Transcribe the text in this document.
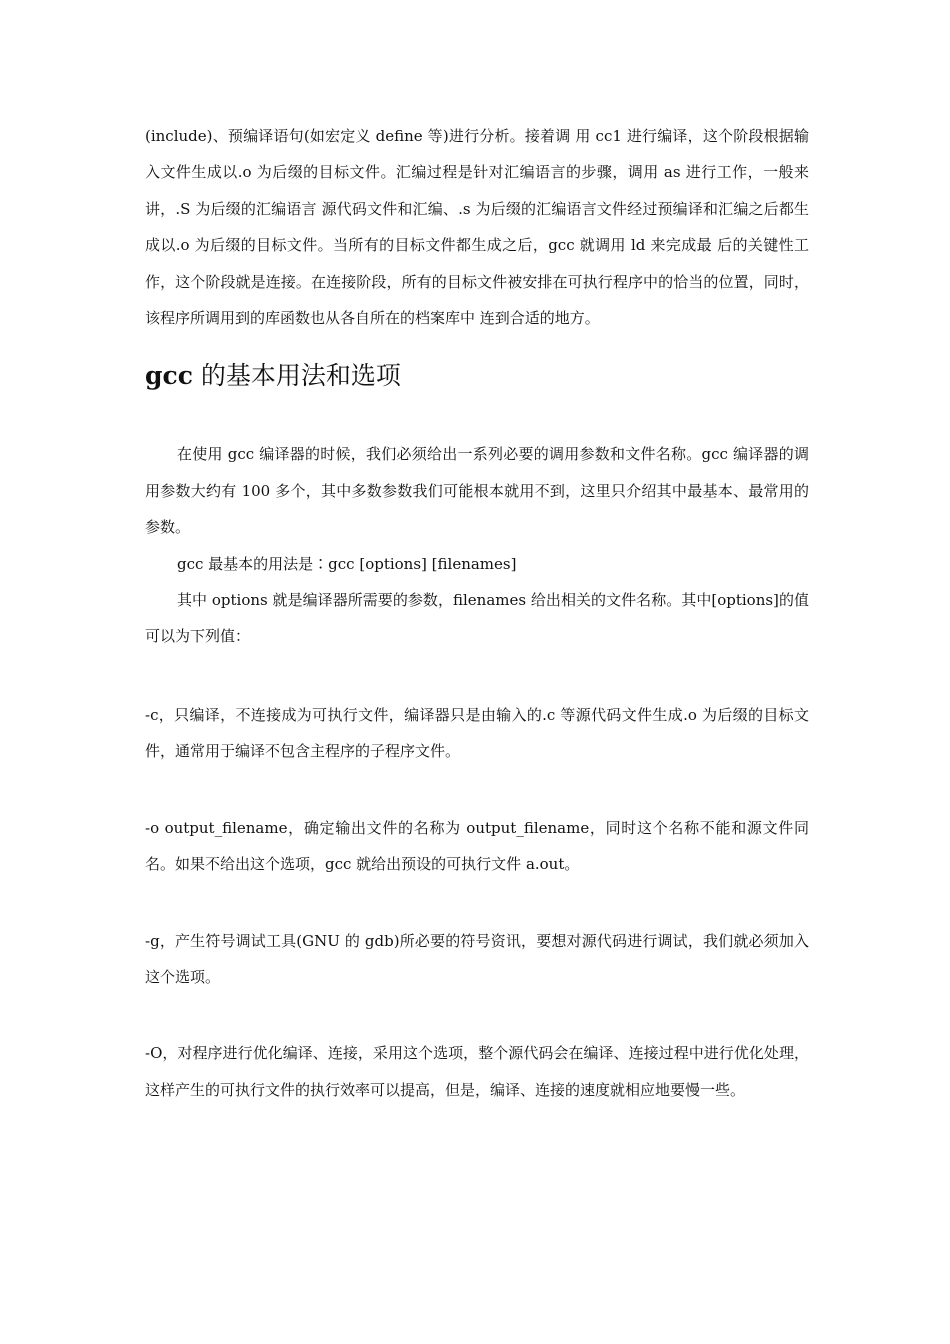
(include)、预编译语句(如宏定义 define 等)进行分析。接着调 用 cc1 进行编译，这个阶段根据输入文件生成以.o 为后缀的目标文件。汇编过程是针对汇编语言的步骤，调用 as 进行工作，一般来讲，.S 为后缀的汇编语言 源代码文件和汇编、.s 为后缀的汇编语言文件经过预编译和汇编之后都生成以.o 为后缀的目标文件。当所有的目标文件都生成之后，gcc 就调用 ld 来完成最 后的关键性工作，这个阶段就是连接。在连接阶段，所有的目标文件被安排在可执行程序中的恰当的位置，同时，该程序所调用到的库函数也从各自所在的档案库中 连到合适的地方。

gcc 的基本用法和选项

在使用 gcc 编译器的时候，我们必须给出一系列必要的调用参数和文件名称。gcc 编译器的调用参数大约有 100 多个，其中多数参数我们可能根本就用不到，这里只介绍其中最基本、最常用的参数。

gcc 最基本的用法是∶gcc [options] [filenames]

其中 options 就是编译器所需要的参数，filenames 给出相关的文件名称。其中[options]的值可以为下列值：

-c，只编译，不连接成为可执行文件，编译器只是由输入的.c 等源代码文件生成.o 为后缀的目标文件，通常用于编译不包含主程序的子程序文件。

-o output_filename，确定输出文件的名称为 output_filename，同时这个名称不能和源文件同名。如果不给出这个选项，gcc 就给出预设的可执行文件 a.out。

-g，产生符号调试工具(GNU 的 gdb)所必要的符号资讯，要想对源代码进行调试，我们就必须加入这个选项。

-O，对程序进行优化编译、连接，采用这个选项，整个源代码会在编译、连接过程中进行优化处理，这样产生的可执行文件的执行效率可以提高，但是，编译、连接的速度就相应地要慢一些。
